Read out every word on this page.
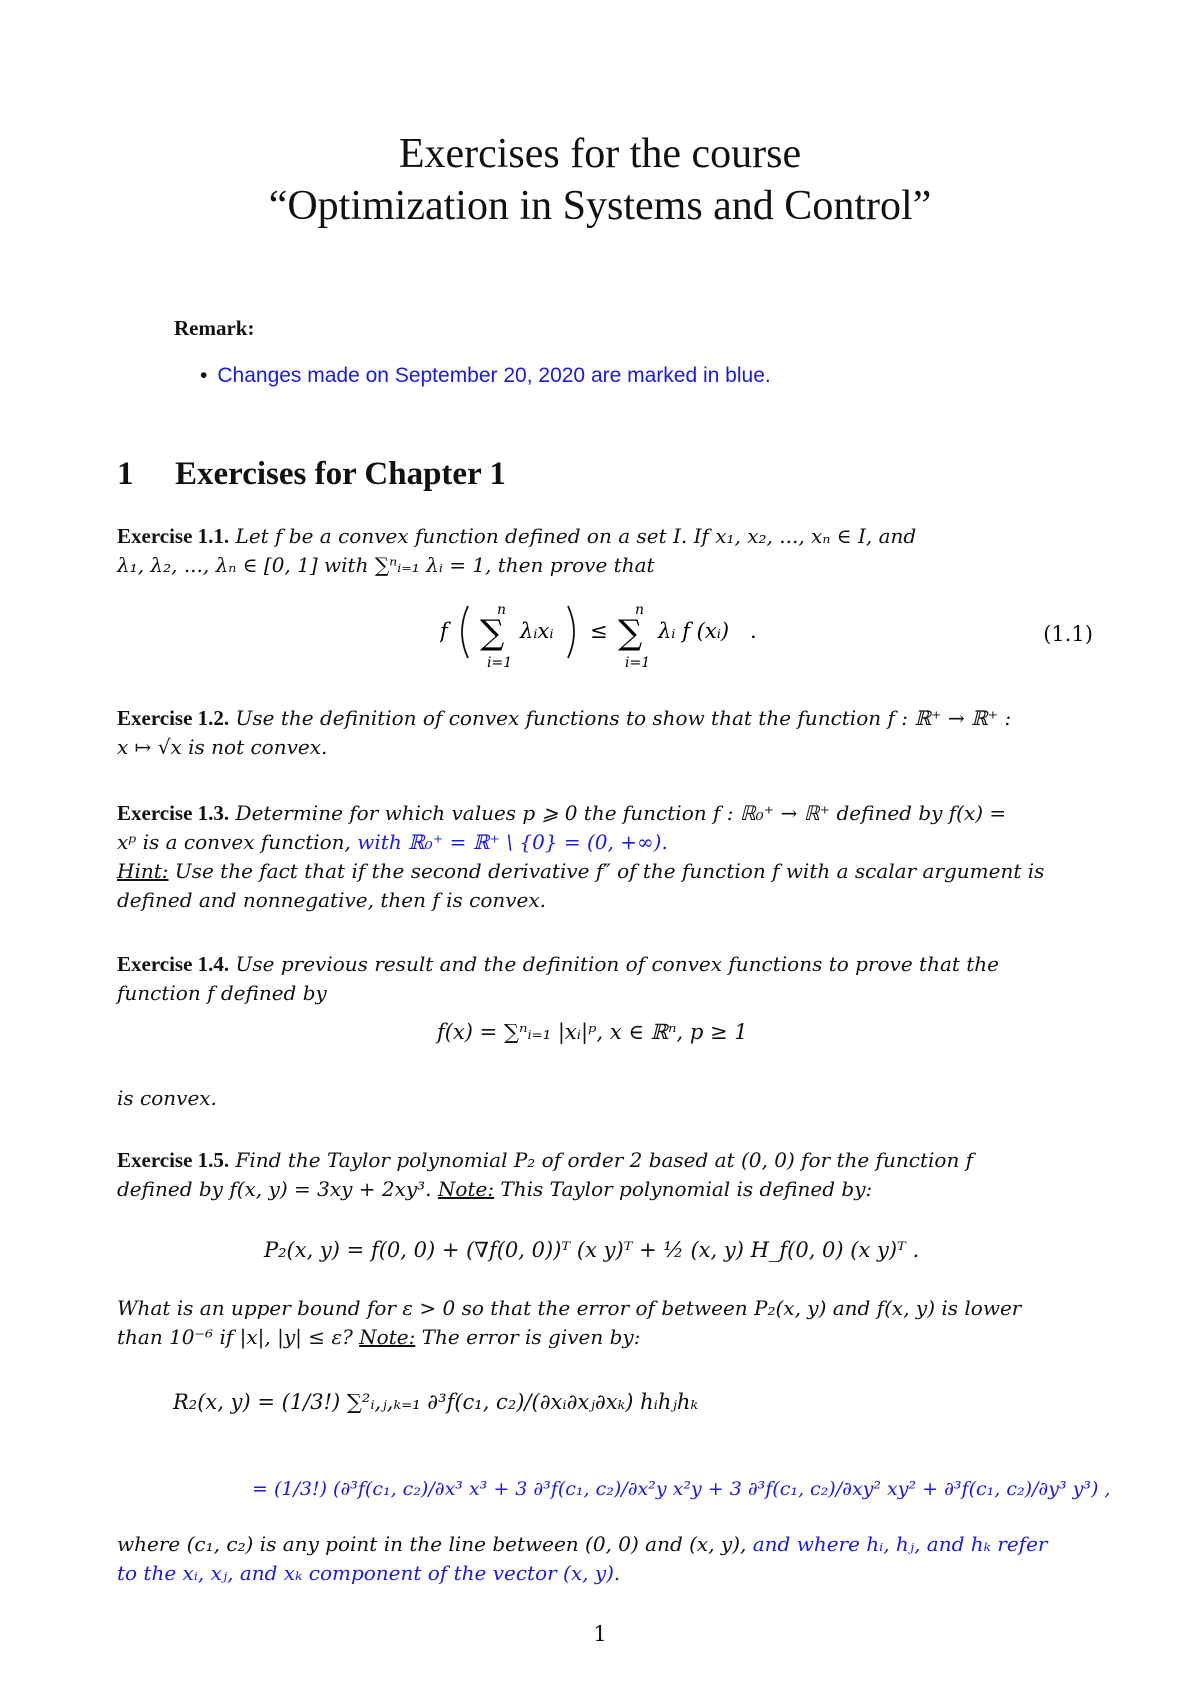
Exercises for the course
“Optimization in Systems and Control”
Remark:
• Changes made on September 20, 2020 are marked in blue.
1 Exercises for Chapter 1
Exercise 1.1. Let f be a convex function defined on a set I. If x₁, x₂, ..., xₙ ∈ I, and
λ₁, λ₂, ..., λₙ ∈ [0, 1] with ∑ⁿᵢ₌₁ λᵢ = 1, then prove that
f
n
∑
i=1
λᵢxᵢ ≤
n
∑
i=1
λᵢ f (xᵢ) .	(1.1)
Exercise 1.2. Use the definition of convex functions to show that the function f : ℝ⁺ → ℝ⁺ :
x ↦ √x is not convex.
Exercise 1.3. Determine for which values p ⩾ 0 the function f : ℝ₀⁺ → ℝ⁺ defined by f(x) =
xᵖ is a convex function, with ℝ₀⁺ = ℝ⁺ \ {0} = (0, +∞).
Hint: Use the fact that if the second derivative f″ of the function f with a scalar argument is
defined and nonnegative, then f is convex.
Exercise 1.4. Use previous result and the definition of convex functions to prove that the
function f defined by
f(x) = ∑ⁿᵢ₌₁ |xᵢ|ᵖ, x ∈ ℝⁿ, p ≥ 1
is convex.
Exercise 1.5. Find the Taylor polynomial P₂ of order 2 based at (0, 0) for the function f
defined by f(x, y) = 3xy + 2xy³. Note: This Taylor polynomial is defined by:
P₂(x, y) = f(0, 0) + (∇f(0, 0))ᵀ (x y)ᵀ + ½ (x, y) H_f(0, 0) (x y)ᵀ .
What is an upper bound for ε > 0 so that the error of between P₂(x, y) and f(x, y) is lower
than 10⁻⁶ if |x|, |y| ≤ ε? Note: The error is given by:
R₂(x, y) = (1/3!) ∑²ᵢ,ⱼ,ₖ₌₁ ∂³f(c₁, c₂)/(∂xᵢ∂xⱼ∂xₖ) hᵢhⱼhₖ
= (1/3!) (∂³f(c₁, c₂)/∂x³ x³ + 3 ∂³f(c₁, c₂)/∂x²y x²y + 3 ∂³f(c₁, c₂)/∂xy² xy² + ∂³f(c₁, c₂)/∂y³ y³) ,
where (c₁, c₂) is any point in the line between (0, 0) and (x, y), and where hᵢ, hⱼ, and hₖ refer
to the xᵢ, xⱼ, and xₖ component of the vector (x, y).
1
